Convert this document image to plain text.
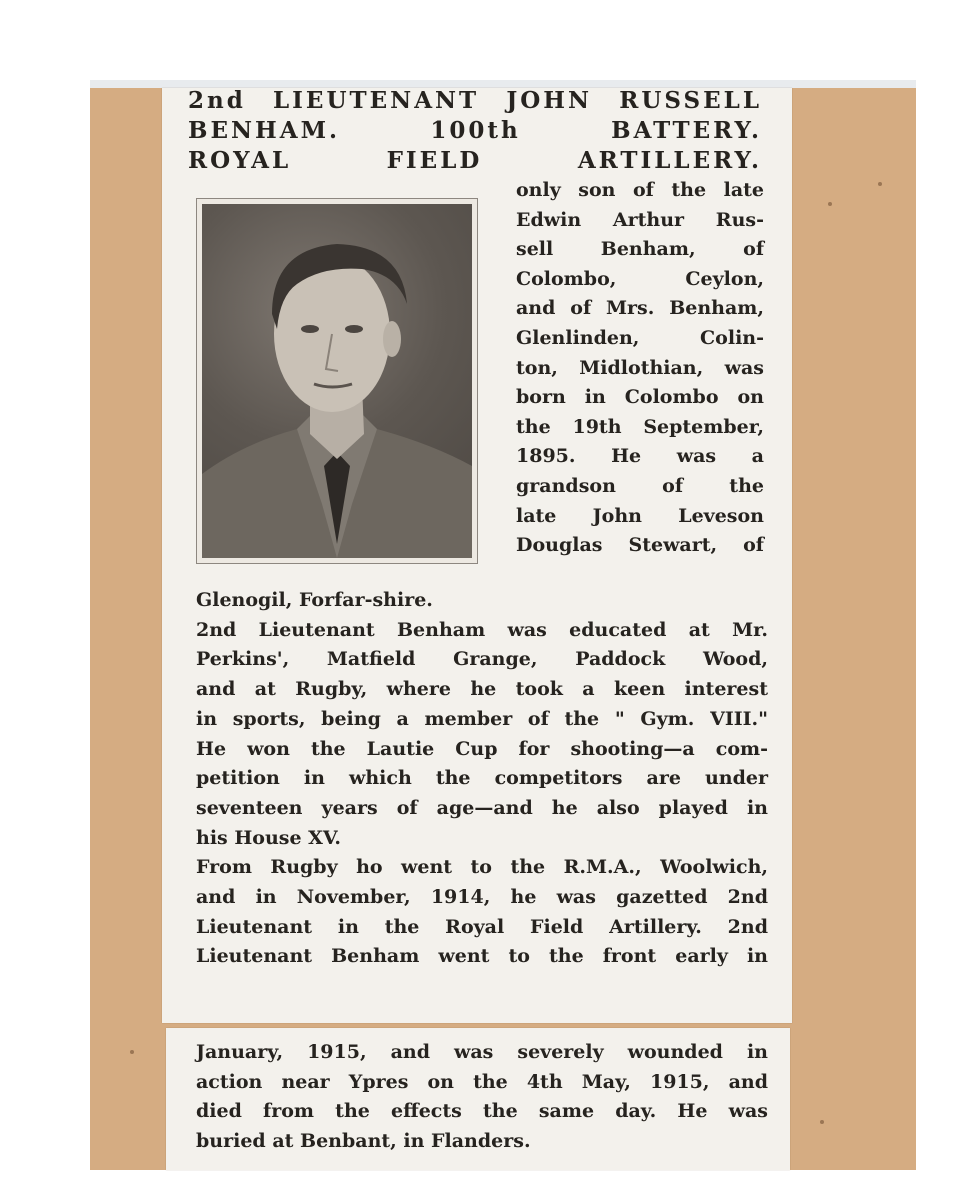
2nd LIEUTENANT JOHN RUSSELL
BENHAM. 100th BATTERY.
ROYAL FIELD ARTILLERY.
only son of the late
Edwin Arthur Rus-
sell Benham, of
Colombo, Ceylon,
and of Mrs. Benham,
Glenlinden, Colin-
ton, Midlothian, was
born in Colombo on
the 19th September,
1895. He was a
grandson of the
late John Leveson
Douglas Stewart, of
Glenogil, Forfar-shire.
2nd Lieutenant Benham was educated at Mr.
Perkins', Matfield Grange, Paddock Wood,
and at Rugby, where he took a keen interest
in sports, being a member of the " Gym. VIII."
He won the Lautie Cup for shooting—a com-
petition in which the competitors are under
seventeen years of age—and he also played in
his House XV.
From Rugby ho went to the R.M.A., Woolwich,
and in November, 1914, he was gazetted 2nd
Lieutenant in the Royal Field Artillery. 2nd
Lieutenant Benham went to the front early in
January, 1915, and was severely wounded in
action near Ypres on the 4th May, 1915, and
died from the effects the same day. He was
buried at Benbant, in Flanders.
